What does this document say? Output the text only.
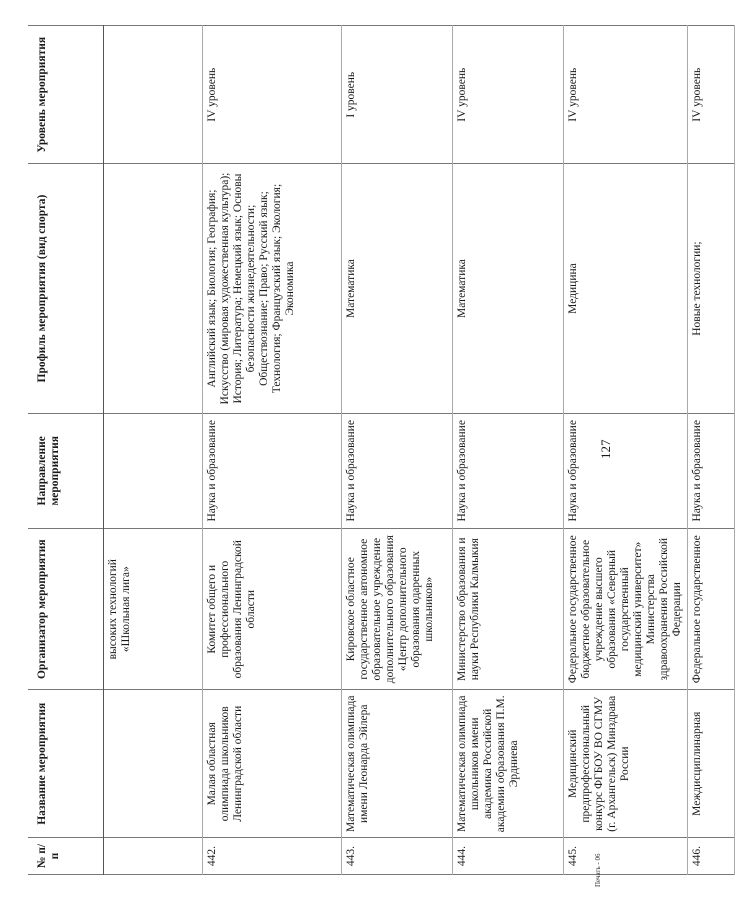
127
№ п/п	Название мероприятия	Организатор мероприятия	Направление мероприятия	Профиль мероприятия (вид спорта)	Уровень мероприятия
		высоких технологий «Школьная лига»			
442.	Малая областная олимпиада школьников Ленинградской области	Комитет общего и профессионального образования Ленинградской области	Наука и образование	Английский язык; Биология; География; Искусство (мировая художественная культура); История; Литература; Немецкий язык; Основы безопасности жизнедеятельности; Обществознание; Право; Русский язык; Технология; Французский язык; Экология; Экономика	IV уровень
443.	Математическая олимпиада имени Леонарда Эйлера	Кировское областное государственное автономное образовательное учреждение дополнительного образования «Центр дополнительного образования одаренных школьников»	Наука и образование	Математика	I уровень
444.	Математическая олимпиада школьников имени академика Российской академии образования П.М. Эрдниева	Министерство образования и науки Республики Калмыкия	Наука и образование	Математика	IV уровень
445.	Медицинский предпрофессиональный конкурс ФГБОУ ВО СГМУ (г. Архангельск) Минздрава России	Федеральное государственное бюджетное образовательное учреждение высшего образования «Северный государственный медицинский университет» Министерства здравоохранения Российской Федерации	Наука и образование	Медицина	IV уровень
446.	Междисциплинарная	Федеральное государственное	Наука и образование	Новые технологии;	IV уровень
Печать - 06
